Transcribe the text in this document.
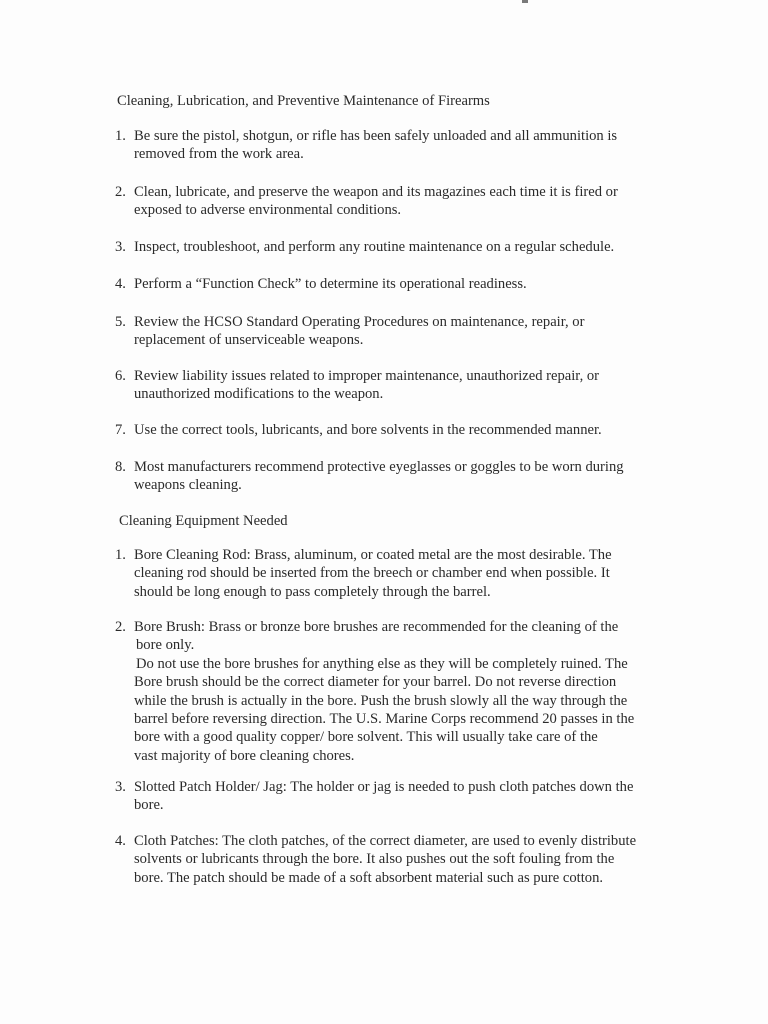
Cleaning, Lubrication, and Preventive Maintenance of Firearms
1. Be sure the pistol, shotgun, or rifle has been safely unloaded and all ammunition is
removed from the work area.
2. Clean, lubricate, and preserve the weapon and its magazines each time it is fired or
exposed to adverse environmental conditions.
3. Inspect, troubleshoot, and perform any routine maintenance on a regular schedule.
4. Perform a “Function Check” to determine its operational readiness.
5. Review the HCSO Standard Operating Procedures on maintenance, repair, or
replacement of unserviceable weapons.
6. Review liability issues related to improper maintenance, unauthorized repair, or
unauthorized modifications to the weapon.
7. Use the correct tools, lubricants, and bore solvents in the recommended manner.
8. Most manufacturers recommend protective eyeglasses or goggles to be worn during
weapons cleaning.
Cleaning Equipment Needed
1. Bore Cleaning Rod: Brass, aluminum, or coated metal are the most desirable. The
cleaning rod should be inserted from the breech or chamber end when possible. It
should be long enough to pass completely through the barrel.
2. Bore Brush: Brass or bronze bore brushes are recommended for the cleaning of the
bore only.
Do not use the bore brushes for anything else as they will be completely ruined. The
Bore brush should be the correct diameter for your barrel. Do not reverse direction
while the brush is actually in the bore. Push the brush slowly all the way through the
barrel before reversing direction. The U.S. Marine Corps recommend 20 passes in the
bore with a good quality copper/ bore solvent. This will usually take care of the
vast majority of bore cleaning chores.
3. Slotted Patch Holder/ Jag: The holder or jag is needed to push cloth patches down the
bore.
4. Cloth Patches: The cloth patches, of the correct diameter, are used to evenly distribute
solvents or lubricants through the bore. It also pushes out the soft fouling from the
bore. The patch should be made of a soft absorbent material such as pure cotton.
